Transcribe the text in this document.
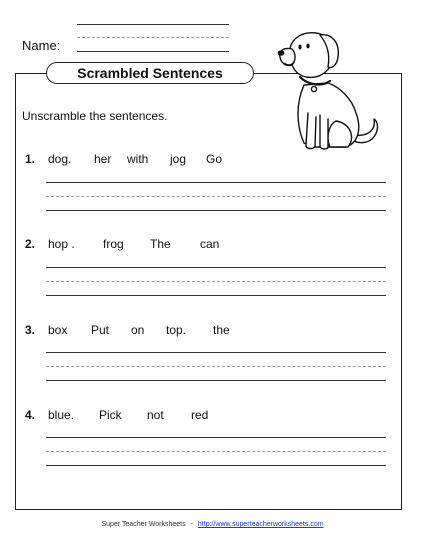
Name:
Scrambled Sentences
Unscramble the sentences.
1. dog. her with jog Go
2. hop . frog The can
3. box Put on top. the
4. blue. Pick not red
Super Teacher Worksheets - http://www.superteacherworksheets.com
